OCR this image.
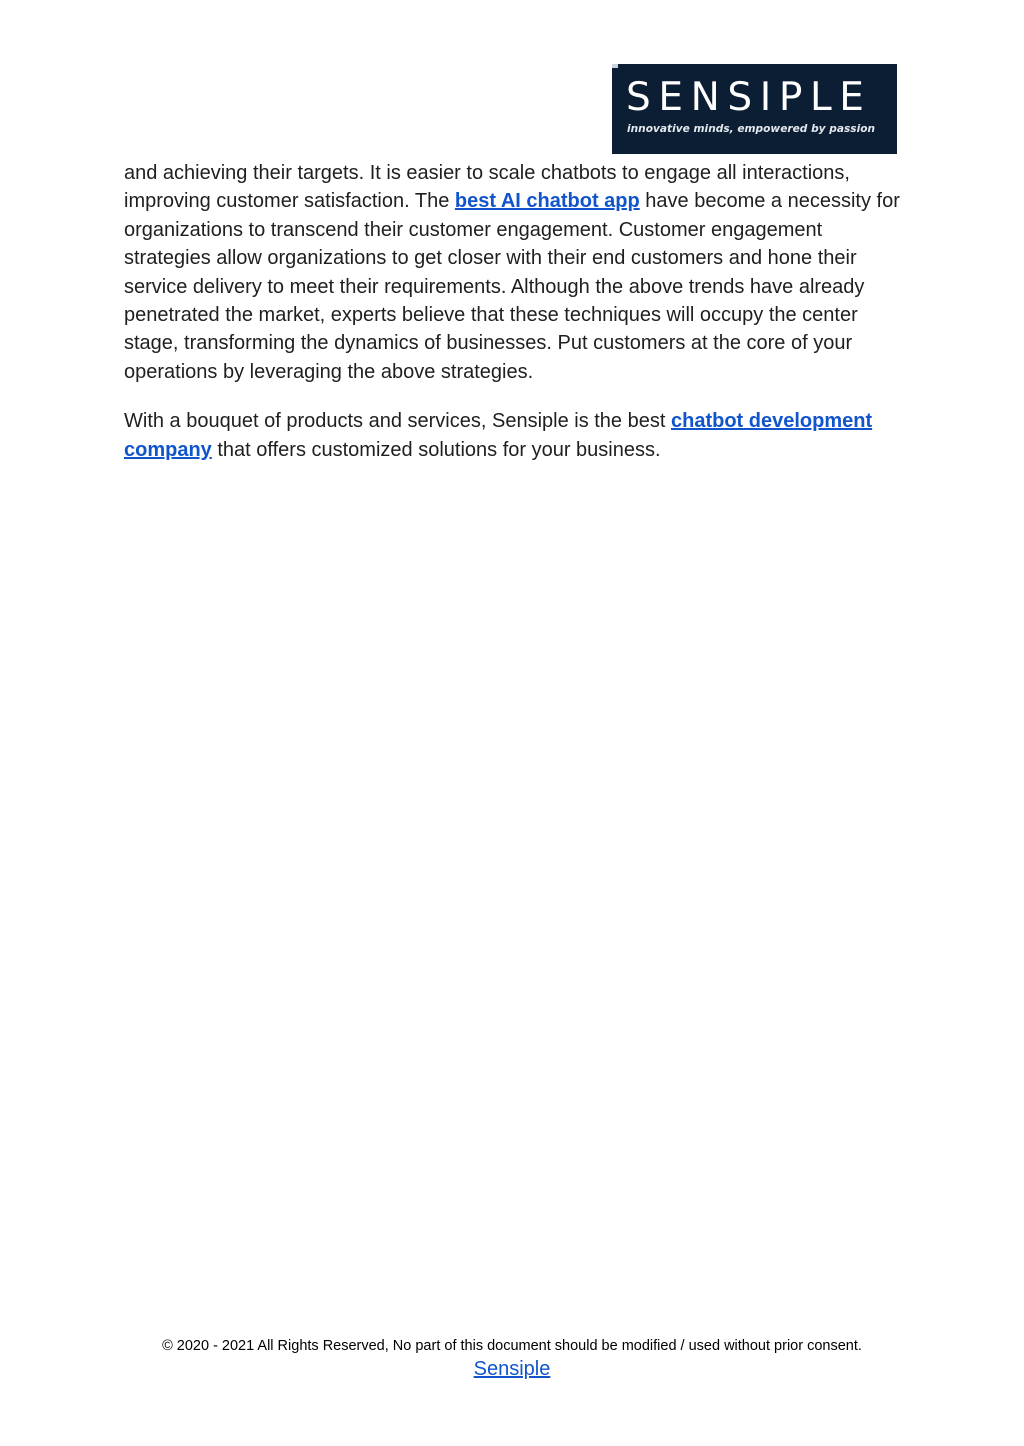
SENSIPLE
innovative minds, empowered by passion

and achieving their targets. It is easier to scale chatbots to engage all interactions, improving customer satisfaction. The best AI chatbot app have become a necessity for organizations to transcend their customer engagement. Customer engagement strategies allow organizations to get closer with their end customers and hone their service delivery to meet their requirements. Although the above trends have already penetrated the market, experts believe that these techniques will occupy the center stage, transforming the dynamics of businesses. Put customers at the core of your operations by leveraging the above strategies.

With a bouquet of products and services, Sensiple is the best chatbot development company that offers customized solutions for your business.

© 2020 - 2021 All Rights Reserved, No part of this document should be modified / used without prior consent.
Sensiple
